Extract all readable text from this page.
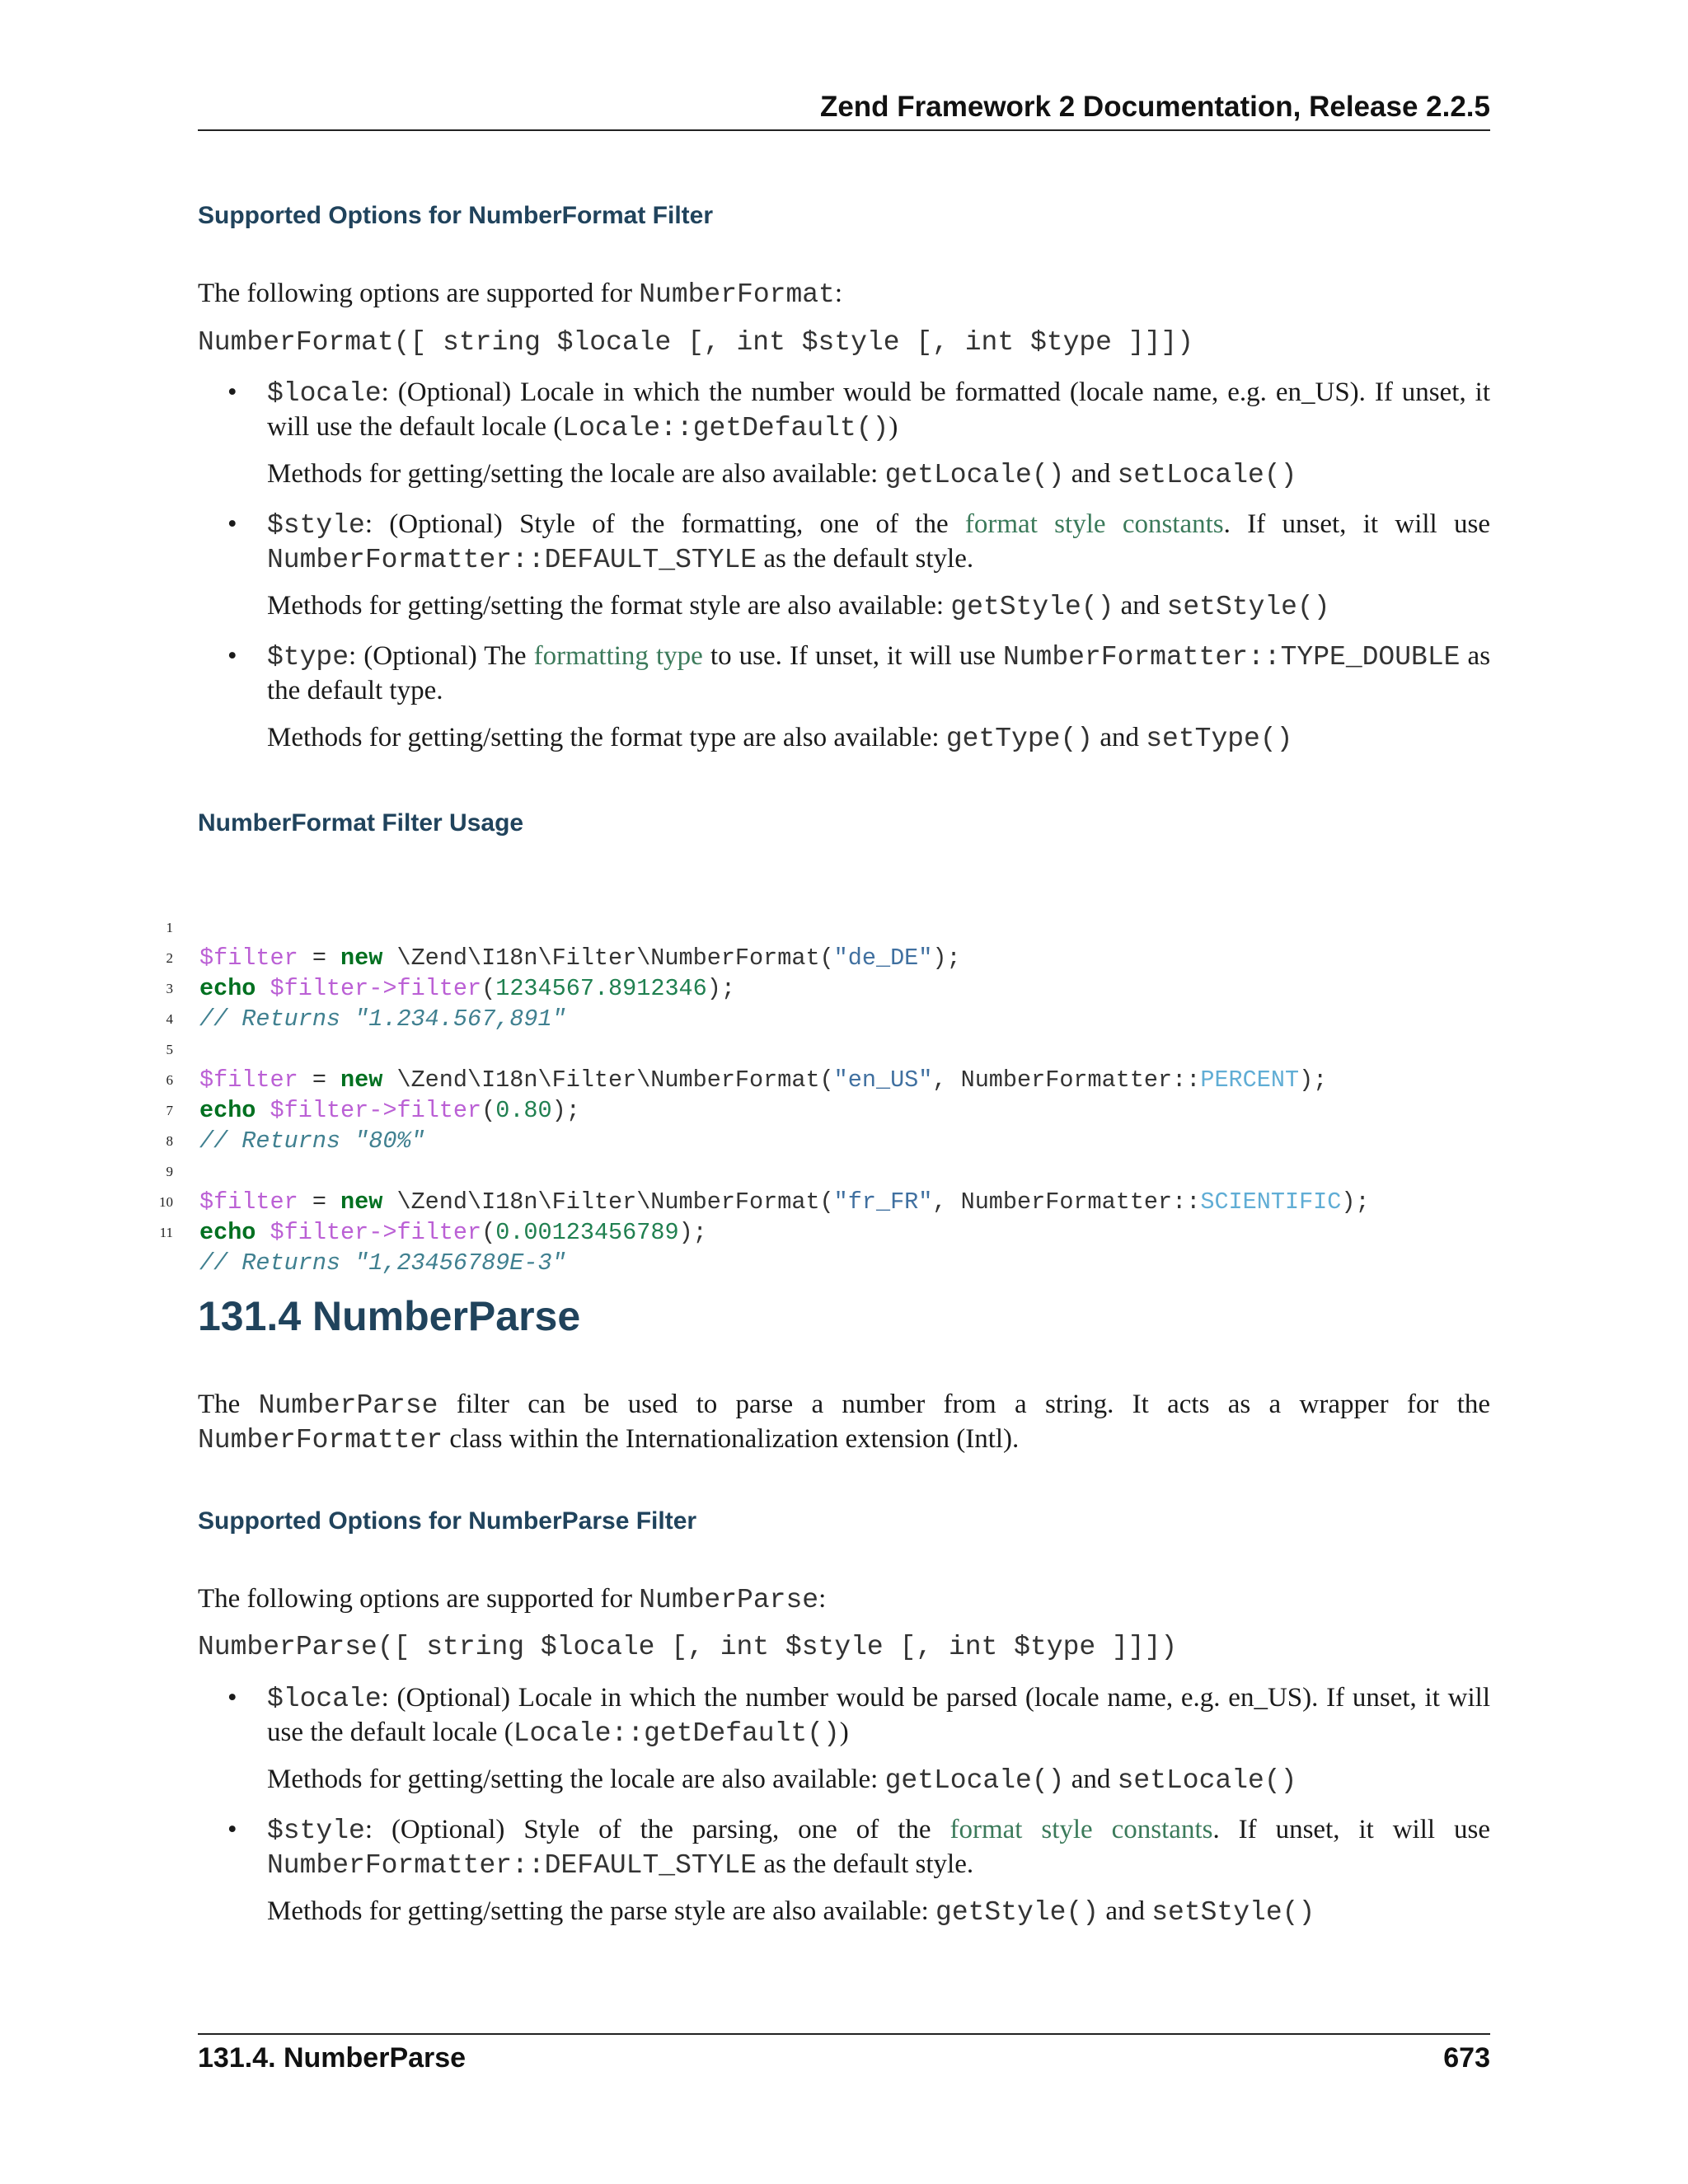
Zend Framework 2 Documentation, Release 2.2.5
Supported Options for NumberFormat Filter
The following options are supported for NumberFormat:
NumberFormat([ string $locale [, int $style [, int $type ]]])
• $locale: (Optional) Locale in which the number would be formatted (locale name, e.g. en_US). If unset, it will use the default locale (Locale::getDefault())
Methods for getting/setting the locale are also available: getLocale() and setLocale()
• $style: (Optional) Style of the formatting, one of the format style constants. If unset, it will use NumberFormatter::DEFAULT_STYLE as the default style.
Methods for getting/setting the format style are also available: getStyle() and setStyle()
• $type: (Optional) The formatting type to use. If unset, it will use NumberFormatter::TYPE_DOUBLE as the default type.
Methods for getting/setting the format type are also available: getType() and setType()
NumberFormat Filter Usage

1

$filter = new \Zend\I18n\Filter\NumberFormat("de_DE");

2

echo $filter->filter(1234567.8912346);

3

// Returns "1.234.567,891"

4

5

$filter = new \Zend\I18n\Filter\NumberFormat("en_US", NumberFormatter::PERCENT);

6

echo $filter->filter(0.80);

7

// Returns "80%"

8

9

$filter = new \Zend\I18n\Filter\NumberFormat("fr_FR", NumberFormatter::SCIENTIFIC);

10

echo $filter->filter(0.00123456789);

11

// Returns "1,23456789E-3"

131.4 NumberParse
The NumberParse filter can be used to parse a number from a string. It acts as a wrapper for the NumberFormatter class within the Internationalization extension (Intl).
Supported Options for NumberParse Filter
The following options are supported for NumberParse:
NumberParse([ string $locale [, int $style [, int $type ]]])
• $locale: (Optional) Locale in which the number would be parsed (locale name, e.g. en_US). If unset, it will use the default locale (Locale::getDefault())
Methods for getting/setting the locale are also available: getLocale() and setLocale()
• $style: (Optional) Style of the parsing, one of the format style constants. If unset, it will use NumberFormatter::DEFAULT_STYLE as the default style.
Methods for getting/setting the parse style are also available: getStyle() and setStyle()
131.4. NumberParse	673
